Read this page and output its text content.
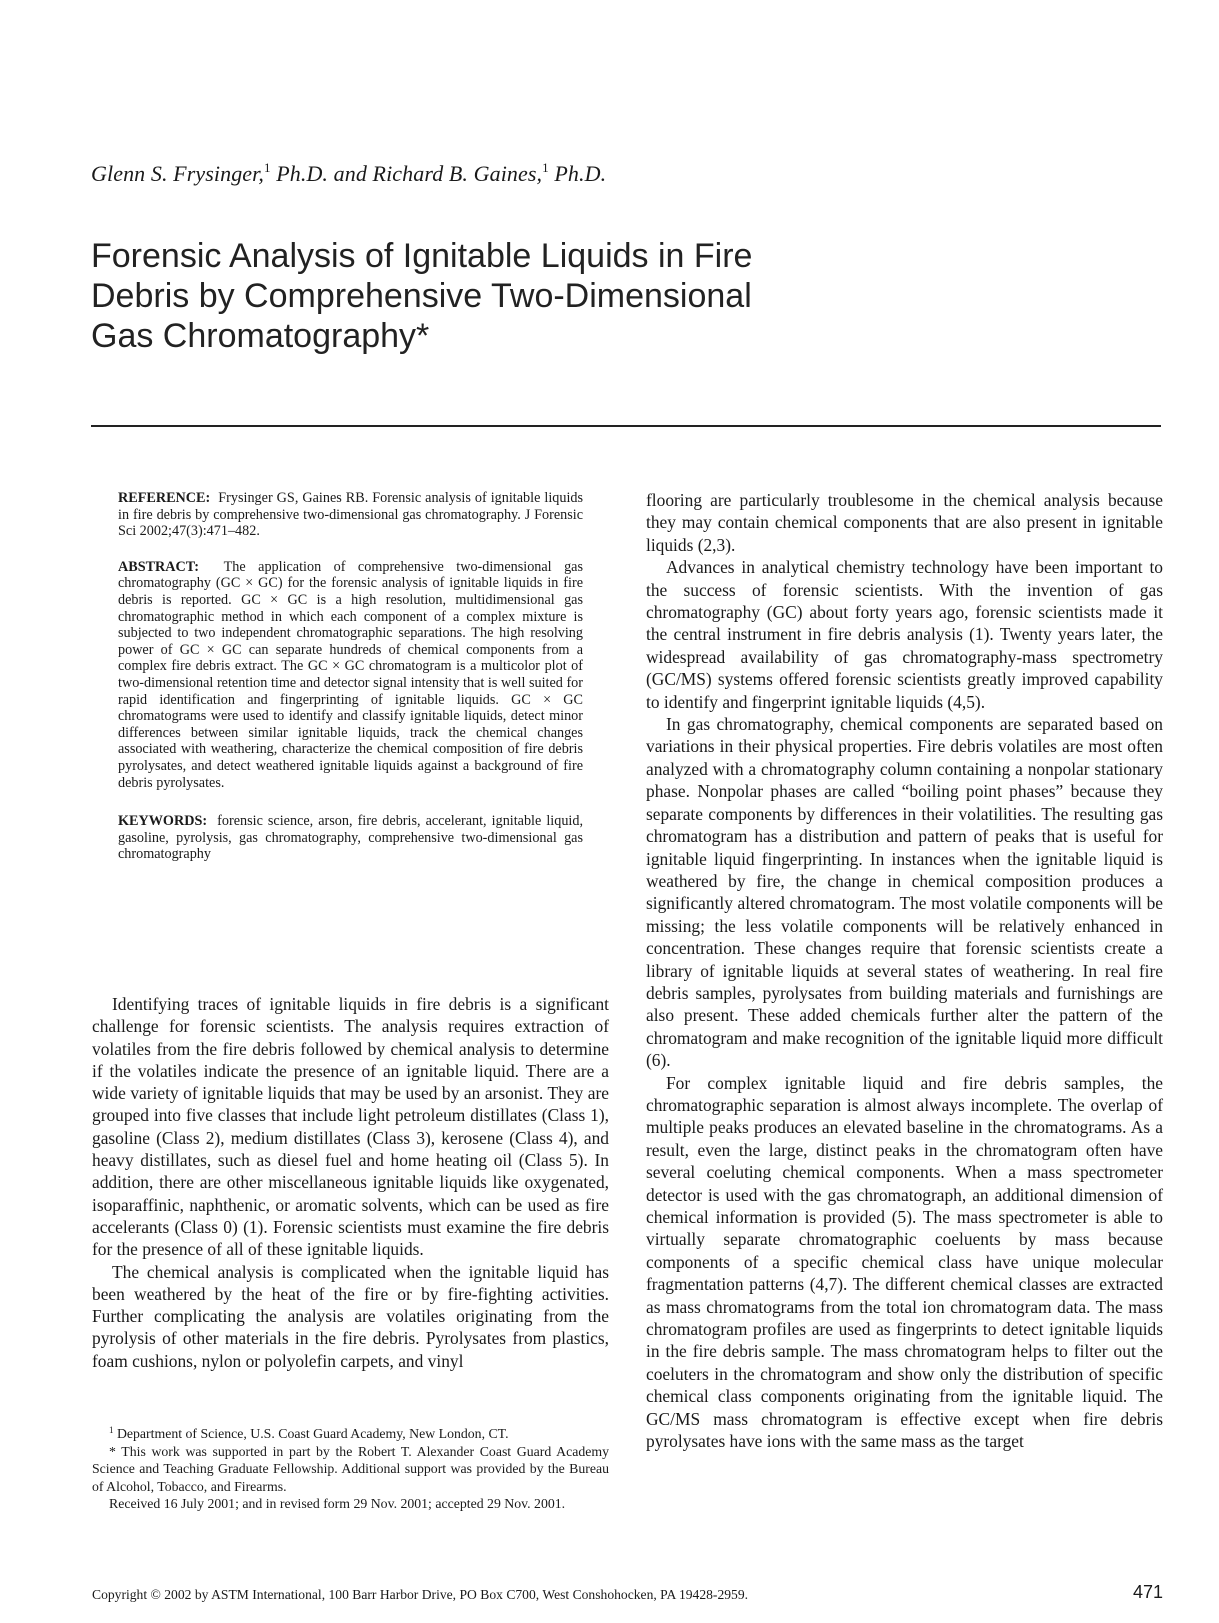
Glenn S. Frysinger,$^1$ Ph.D. and Richard B. Gaines,$^1$ Ph.D.
Forensic Analysis of Ignitable Liquids in Fire
Debris by Comprehensive Two-Dimensional
Gas Chromatography*

REFERENCE: Frysinger GS, Gaines RB. Forensic analysis of ignitable liquids in fire debris by comprehensive two-dimensional gas chromatography. J Forensic Sci 2002;47(3):471–482.

ABSTRACT: The application of comprehensive two-dimensional gas chromatography (GC × GC) for the forensic analysis of ignitable liquids in fire debris is reported. GC × GC is a high resolution, multidimensional gas chromatographic method in which each component of a complex mixture is subjected to two independent chromatographic separations. The high resolving power of GC × GC can separate hundreds of chemical components from a complex fire debris extract. The GC × GC chromatogram is a multicolor plot of two-dimensional retention time and detector signal intensity that is well suited for rapid identification and fingerprinting of ignitable liquids. GC × GC chromatograms were used to identify and classify ignitable liquids, detect minor differences between similar ignitable liquids, track the chemical changes associated with weathering, characterize the chemical composition of fire debris pyrolysates, and detect weathered ignitable liquids against a background of fire debris pyrolysates.

KEYWORDS: forensic science, arson, fire debris, accelerant, ignitable liquid, gasoline, pyrolysis, gas chromatography, comprehensive two-dimensional gas chromatography

Identifying traces of ignitable liquids in fire debris is a significant challenge for forensic scientists. The analysis requires extraction of volatiles from the fire debris followed by chemical analysis to determine if the volatiles indicate the presence of an ignitable liquid. There are a wide variety of ignitable liquids that may be used by an arsonist. They are grouped into five classes that include light petroleum distillates (Class 1), gasoline (Class 2), medium distillates (Class 3), kerosene (Class 4), and heavy distillates, such as diesel fuel and home heating oil (Class 5). In addition, there are other miscellaneous ignitable liquids like oxygenated, isoparaffinic, naphthenic, or aromatic solvents, which can be used as fire accelerants (Class 0) (1). Forensic scientists must examine the fire debris for the presence of all of these ignitable liquids.

The chemical analysis is complicated when the ignitable liquid has been weathered by the heat of the fire or by fire-fighting activities. Further complicating the analysis are volatiles originating from the pyrolysis of other materials in the fire debris. Pyrolysates from plastics, foam cushions, nylon or polyolefin carpets, and vinyl

flooring are particularly troublesome in the chemical analysis because they may contain chemical components that are also present in ignitable liquids (2,3).

Advances in analytical chemistry technology have been important to the success of forensic scientists. With the invention of gas chromatography (GC) about forty years ago, forensic scientists made it the central instrument in fire debris analysis (1). Twenty years later, the widespread availability of gas chromatography-mass spectrometry (GC/MS) systems offered forensic scientists greatly improved capability to identify and fingerprint ignitable liquids (4,5).

In gas chromatography, chemical components are separated based on variations in their physical properties. Fire debris volatiles are most often analyzed with a chromatography column containing a nonpolar stationary phase. Nonpolar phases are called “boiling point phases” because they separate components by differences in their volatilities. The resulting gas chromatogram has a distribution and pattern of peaks that is useful for ignitable liquid fingerprinting. In instances when the ignitable liquid is weathered by fire, the change in chemical composition produces a significantly altered chromatogram. The most volatile components will be missing; the less volatile components will be relatively enhanced in concentration. These changes require that forensic scientists create a library of ignitable liquids at several states of weathering. In real fire debris samples, pyrolysates from building materials and furnishings are also present. These added chemicals further alter the pattern of the chromatogram and make recognition of the ignitable liquid more difficult (6).

For complex ignitable liquid and fire debris samples, the chromatographic separation is almost always incomplete. The overlap of multiple peaks produces an elevated baseline in the chromatograms. As a result, even the large, distinct peaks in the chromatogram often have several coeluting chemical components. When a mass spectrometer detector is used with the gas chromatograph, an additional dimension of chemical information is provided (5). The mass spectrometer is able to virtually separate chromatographic coeluents by mass because components of a specific chemical class have unique molecular fragmentation patterns (4,7). The different chemical classes are extracted as mass chromatograms from the total ion chromatogram data. The mass chromatogram profiles are used as fingerprints to detect ignitable liquids in the fire debris sample. The mass chromatogram helps to filter out the coeluters in the chromatogram and show only the distribution of specific chemical class components originating from the ignitable liquid. The GC/MS mass chromatogram is effective except when fire debris pyrolysates have ions with the same mass as the target

$^1$ Department of Science, U.S. Coast Guard Academy, New London, CT.

* This work was supported in part by the Robert T. Alexander Coast Guard Academy Science and Teaching Graduate Fellowship. Additional support was provided by the Bureau of Alcohol, Tobacco, and Firearms.

Received 16 July 2001; and in revised form 29 Nov. 2001; accepted 29 Nov. 2001.

Copyright © 2002 by ASTM International, 100 Barr Harbor Drive, PO Box C700, West Conshohocken, PA 19428-2959.	471
